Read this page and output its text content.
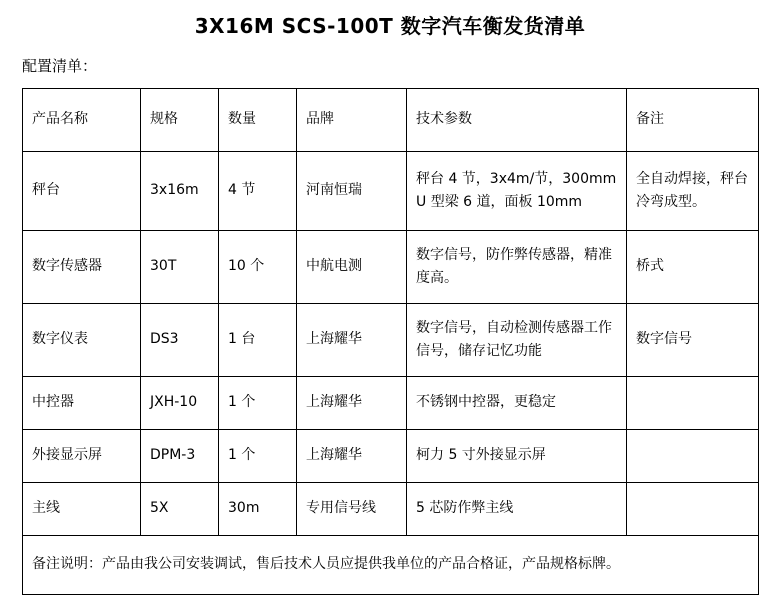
3X16M SCS-100T 数字汽车衡发货清单
配置清单：
产品名称	规格	数量	品牌	技术参数	备注
秤台	3x16m	4 节	河南恒瑞	秤台 4 节，3x4m/节，300mmU 型梁 6 道，面板 10mm	全自动焊接，秤台冷弯成型。
数字传感器	30T	10 个	中航电测	数字信号，防作弊传感器，精准度高。	桥式
数字仪表	DS3	1 台	上海耀华	数字信号，自动检测传感器工作信号，储存记忆功能	数字信号
中控器	JXH-10	1 个	上海耀华	不锈钢中控器，更稳定	
外接显示屏	DPM-3	1 个	上海耀华	柯力 5 寸外接显示屏	
主线	5X	30m	专用信号线	5 芯防作弊主线	
备注说明：产品由我公司安装调试，售后技术人员应提供我单位的产品合格证，产品规格标牌。					
